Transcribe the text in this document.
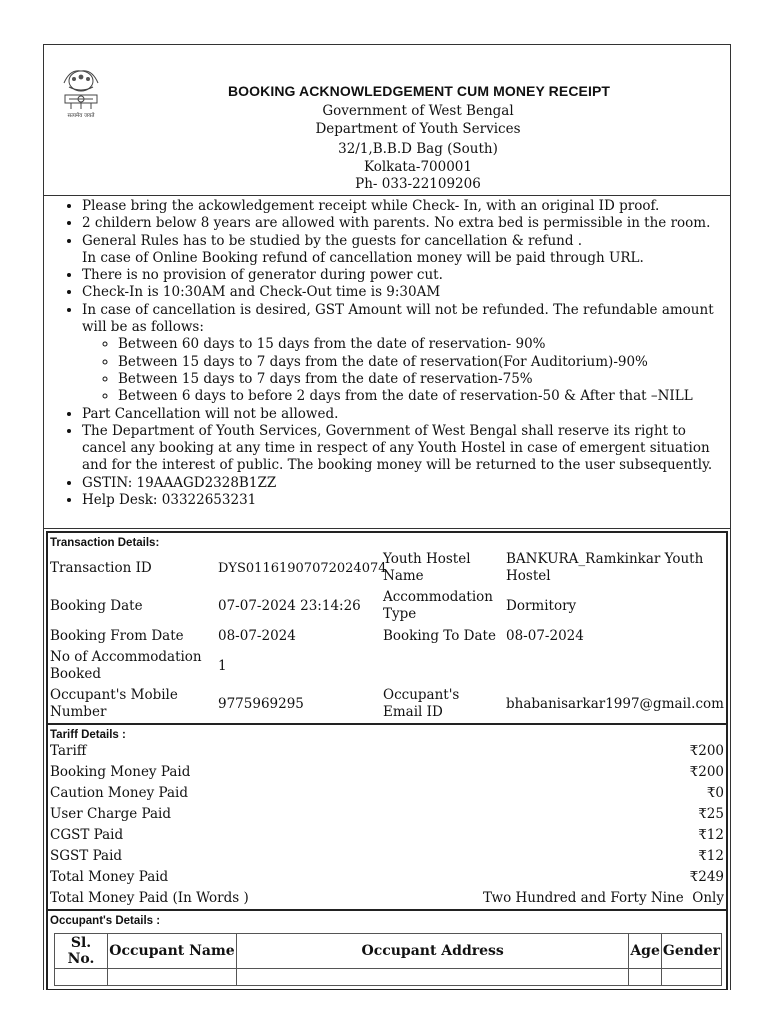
सत्यमेव जयते
BOOKING ACKNOWLEDGEMENT CUM MONEY RECEIPT
Government of West Bengal
Department of Youth Services
32/1,B.B.D Bag (South)
Kolkata-700001
Ph- 033-22109206
• Please bring the ackowledgement receipt while Check- In, with an original ID proof.
• 2 childern below 8 years are allowed with parents. No extra bed is permissible in the room.
• General Rules has to be studied by the guests for cancellation & refund .
In case of Online Booking refund of cancellation money will be paid through URL.
• There is no provision of generator during power cut.
• Check-In is 10:30AM and Check-Out time is 9:30AM
• In case of cancellation is desired, GST Amount will not be refunded. The refundable amount will be as follows:
◦ Between 60 days to 15 days from the date of reservation- 90%
◦ Between 15 days to 7 days from the date of reservation(For Auditorium)-90%
◦ Between 15 days to 7 days from the date of reservation-75%
◦ Between 6 days to before 2 days from the date of reservation-50 & After that –NILL
• Part Cancellation will not be allowed.
• The Department of Youth Services, Government of West Bengal shall reserve its right to cancel any booking at any time in respect of any Youth Hostel in case of emergent situation and for the interest of public. The booking money will be returned to the user subsequently.
• GSTIN: 19AAAGD2328B1ZZ
• Help Desk: 03322653231
Transaction Details:
Transaction ID	DYS01161907072024074	Youth Hostel Name	BANKURA_Ramkinkar Youth Hostel
Booking Date	07-07-2024 23:14:26	Accommodation Type	Dormitory
Booking From Date	08-07-2024	Booking To Date	08-07-2024
No of Accommodation Booked	1		
Occupant's Mobile Number	9775969295	Occupant's Email ID	bhabanisarkar1997@gmail.com
Tariff Details :
Tariff	₹200
Booking Money Paid	₹200
Caution Money Paid	₹0
User Charge Paid	₹25
CGST Paid	₹12
SGST Paid	₹12
Total Money Paid	₹249
Total Money Paid (In Words )	Two Hundred and Forty Nine  Only
Occupant's Details :
Sl. No.	Occupant Name	Occupant Address	Age	Gender
